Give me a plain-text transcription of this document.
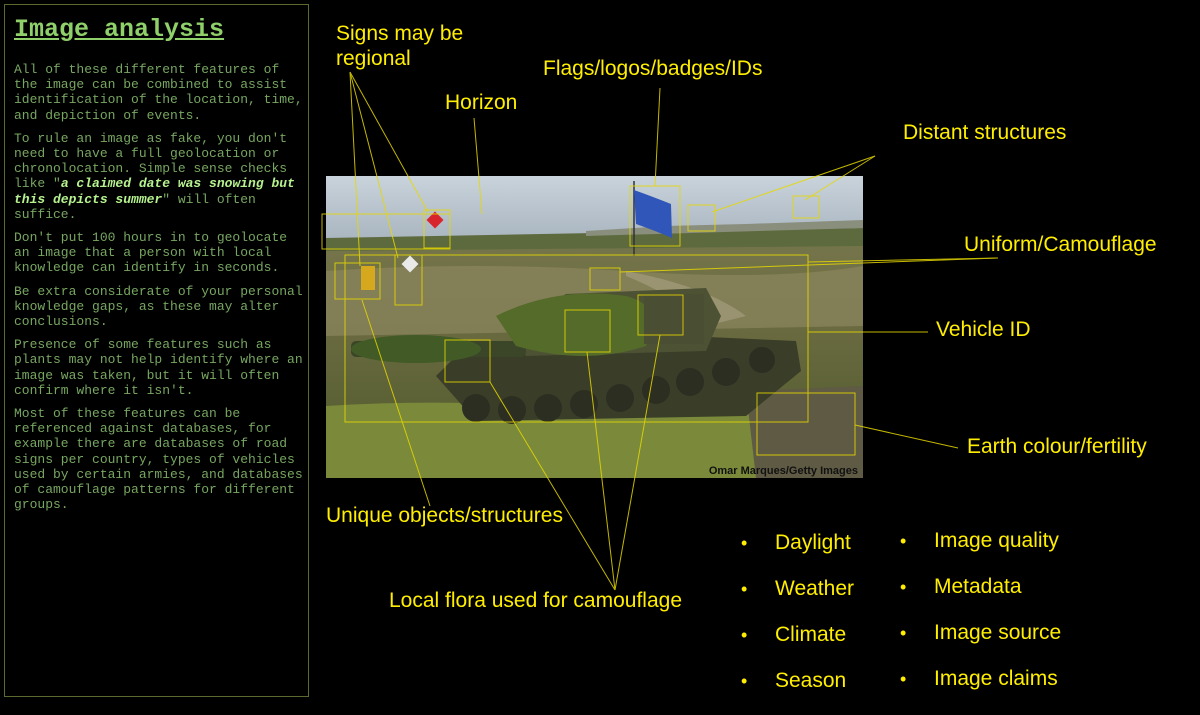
Image analysis

All of these different features of the image can be combined to assist identification of the location, time, and depiction of events.

To rule an image as fake, you don't need to have a full geolocation or chronolocation. Simple sense checks like "a claimed date was snowing but this depicts summer" will often suffice.

Don't put 100 hours in to geolocate an image that a person with local knowledge can identify in seconds.

Be extra considerate of your personal knowledge gaps, as these may alter conclusions.

Presence of some features such as plants may not help identify where an image was taken, but it will often confirm where it isn't.

Most of these features can be referenced against databases, for example there are databases of road signs per country, types of vehicles used by certain armies, and databases of camouflage patterns for different groups.

Omar Marques/Getty Images
Signs may be
regional	Flags/logos/badges/IDs
Horizon
Distant structures
Uniform/Camouflage
Vehicle ID
Earth colour/fertility
Unique objects/structures
Local flora used for camouflage
• Daylight
• Weather
• Climate
• Season
• Image quality
• Metadata
• Image source
• Image claims
